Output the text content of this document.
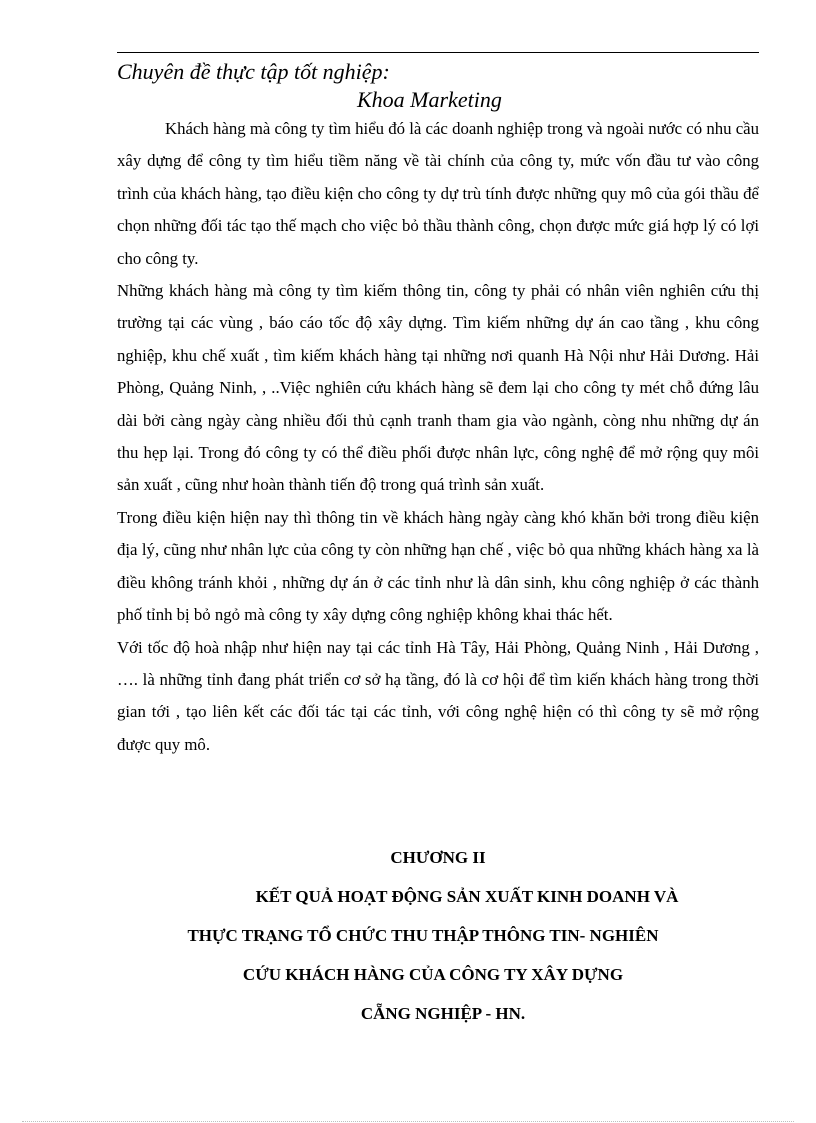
Chuyên đề thực tập tốt nghiệp:
Khoa Marketing

Khách hàng mà công ty tìm hiểu đó là các doanh nghiệp trong và ngoài nước có nhu cầu xây dựng để công ty tìm hiểu tiềm năng về tài chính của công ty, mức vốn đầu tư vào công trình của khách hàng, tạo điều kiện cho công ty dự trù tính được những quy mô của gói thầu để chọn những đối tác tạo thế mạch cho việc bỏ thầu thành công, chọn được mức giá hợp lý có lợi cho công ty.

Những khách hàng mà công ty tìm kiếm thông tin, công ty phải có nhân viên nghiên cứu thị trường tại các vùng , báo cáo tốc độ xây dựng. Tìm kiếm những dự án cao tầng , khu công nghiệp, khu chế xuất , tìm kiếm khách hàng tại những nơi quanh Hà Nội như Hải Dương. Hải Phòng, Quảng Ninh, , ..Việc nghiên cứu khách hàng sẽ đem lại cho công ty mét chỗ đứng lâu dài bởi càng ngày càng nhiều đối thủ cạnh tranh tham gia vào ngành, còng nhu những dự án thu hẹp lại. Trong đó công ty có thể điều phối được nhân lực, công nghệ để mở rộng quy môi sản xuất , cũng như hoàn thành tiến độ trong quá trình sản xuất.

Trong điều kiện hiện nay thì thông tin về khách hàng ngày càng khó khăn bởi trong điều kiện địa lý, cũng như nhân lực của công ty còn những hạn chế , việc bỏ qua những khách hàng xa là điều không tránh khỏi , những dự án ở các tỉnh như là dân sinh, khu công nghiệp ở các thành phố tỉnh bị bỏ ngỏ mà công ty xây dựng công nghiệp không khai thác hết.

Với tốc độ hoà nhập như hiện nay tại các tỉnh Hà Tây, Hải Phòng, Quảng Ninh , Hải Dương , …. là những tỉnh đang phát triển cơ sở hạ tầng, đó là cơ hội để tìm kiến khách hàng trong thời gian tới , tạo liên kết các đối tác tại các tỉnh, với công nghệ hiện có thì công ty sẽ mở rộng được quy mô.

CHƯƠNG II
KẾT QUẢ HOẠT ĐỘNG SẢN XUẤT KINH DOANH VÀ
THỰC TRẠNG TỔ CHỨC THU THẬP THÔNG TIN- NGHIÊN
CỨU KHÁCH HÀNG CỦA CÔNG TY XÂY DỰNG
CẴNG NGHIỆP - HN.
